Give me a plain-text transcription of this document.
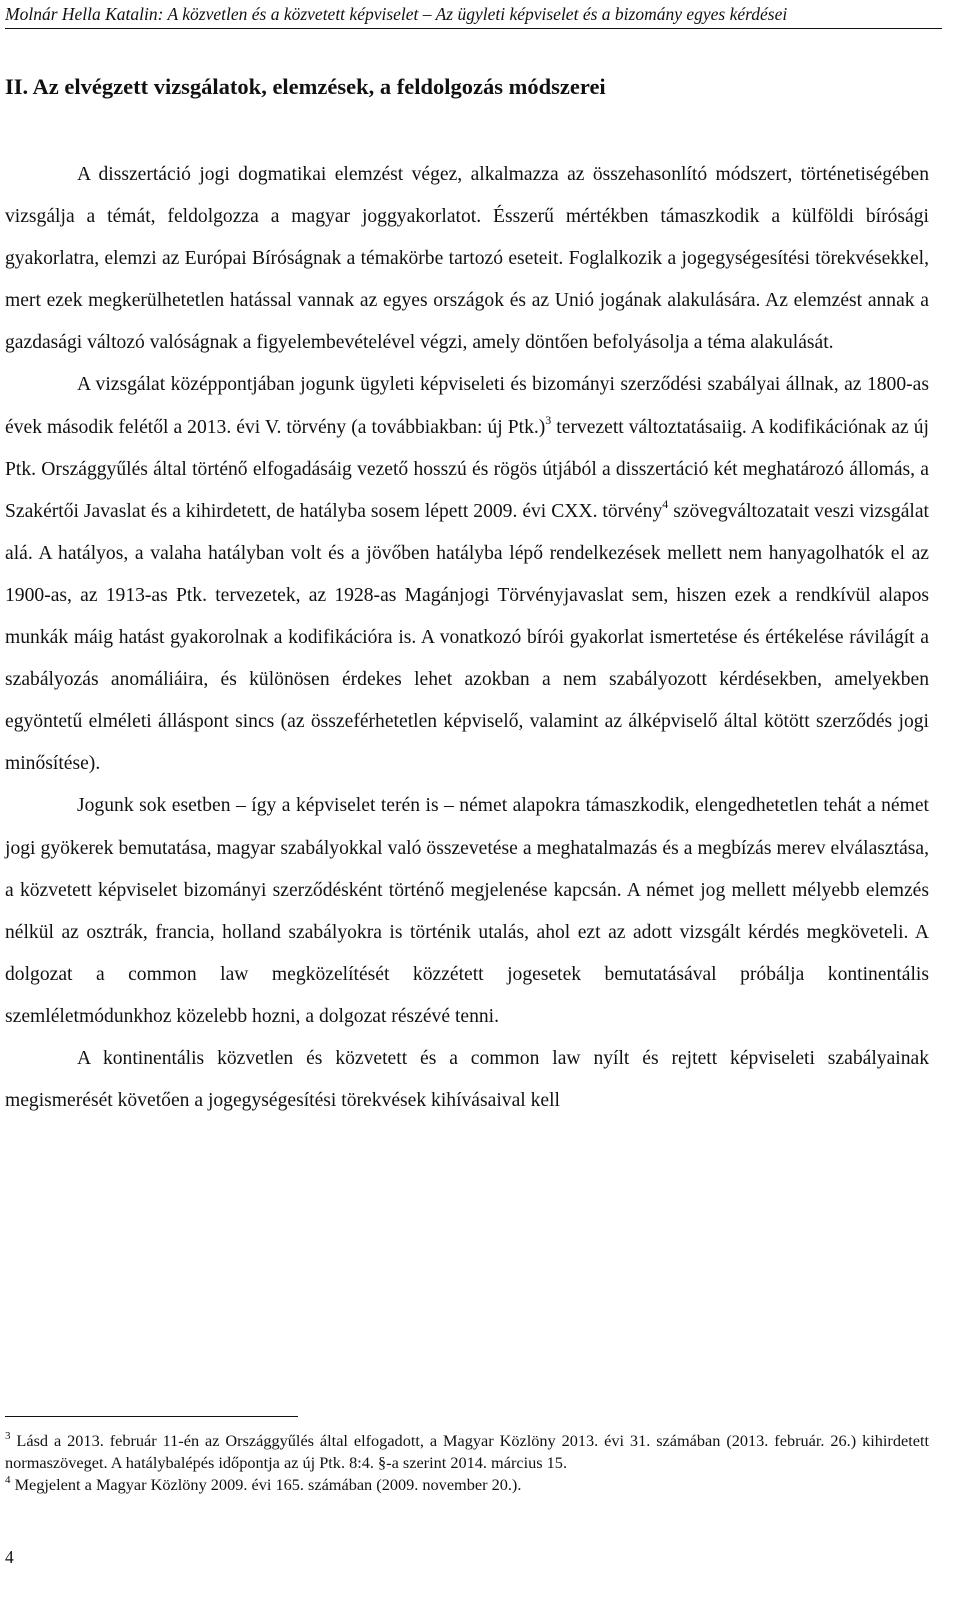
Molnár Hella Katalin: A közvetlen és a közvetett képviselet – Az ügyleti képviselet és a bizomány egyes kérdései
II. Az elvégzett vizsgálatok, elemzések, a feldolgozás módszerei

A disszertáció jogi dogmatikai elemzést végez, alkalmazza az összehasonlító módszert, történetiségében vizsgálja a témát, feldolgozza a magyar joggyakorlatot. Ésszerű mértékben támaszkodik a külföldi bírósági gyakorlatra, elemzi az Európai Bíróságnak a témakörbe tartozó eseteit. Foglalkozik a jogegységesítési törekvésekkel, mert ezek megkerülhetetlen hatással vannak az egyes országok és az Unió jogának alakulására. Az elemzést annak a gazdasági változó valóságnak a figyelembevételével végzi, amely döntően befolyásolja a téma alakulását.

A vizsgálat középpontjában jogunk ügyleti képviseleti és bizományi szerződési szabályai állnak, az 1800-as évek második felétől a 2013. évi V. törvény (a továbbiakban: új Ptk.)$^3$ tervezett változtatásaiig. A kodifikációnak az új Ptk. Országgyűlés által történő elfogadásáig vezető hosszú és rögös útjából a disszertáció két meghatározó állomás, a Szakértői Javaslat és a kihirdetett, de hatályba sosem lépett 2009. évi CXX. törvény$^4$ szövegváltozatait veszi vizsgálat alá. A hatályos, a valaha hatályban volt és a jövőben hatályba lépő rendelkezések mellett nem hanyagolhatók el az 1900-as, az 1913-as Ptk. tervezetek, az 1928-as Magánjogi Törvényjavaslat sem, hiszen ezek a rendkívül alapos munkák máig hatást gyakorolnak a kodifikációra is. A vonatkozó bírói gyakorlat ismertetése és értékelése rávilágít a szabályozás anomáliáira, és különösen érdekes lehet azokban a nem szabályozott kérdésekben, amelyekben egyöntetű elméleti álláspont sincs (az összeférhetetlen képviselő, valamint az álképviselő által kötött szerződés jogi minősítése).

Jogunk sok esetben – így a képviselet terén is – német alapokra támaszkodik, elengedhetetlen tehát a német jogi gyökerek bemutatása, magyar szabályokkal való összevetése a meghatalmazás és a megbízás merev elválasztása, a közvetett képviselet bizományi szerződésként történő megjelenése kapcsán. A német jog mellett mélyebb elemzés nélkül az osztrák, francia, holland szabályokra is történik utalás, ahol ezt az adott vizsgált kérdés megköveteli. A dolgozat a common law megközelítését közzétett jogesetek bemutatásával próbálja kontinentális szemléletmódunkhoz közelebb hozni, a dolgozat részévé tenni.

A kontinentális közvetlen és közvetett és a common law nyílt és rejtett képviseleti szabályainak megismerését követően a jogegységesítési törekvések kihívásaival kell

$^3$ Lásd a 2013. február 11-én az Országgyűlés által elfogadott, a Magyar Közlöny 2013. évi 31. számában (2013. február. 26.) kihirdetett normaszöveget. A hatálybalépés időpontja az új Ptk. 8:4. §-a szerint 2014. március 15.

$^4$ Megjelent a Magyar Közlöny 2009. évi 165. számában (2009. november 20.).

4
